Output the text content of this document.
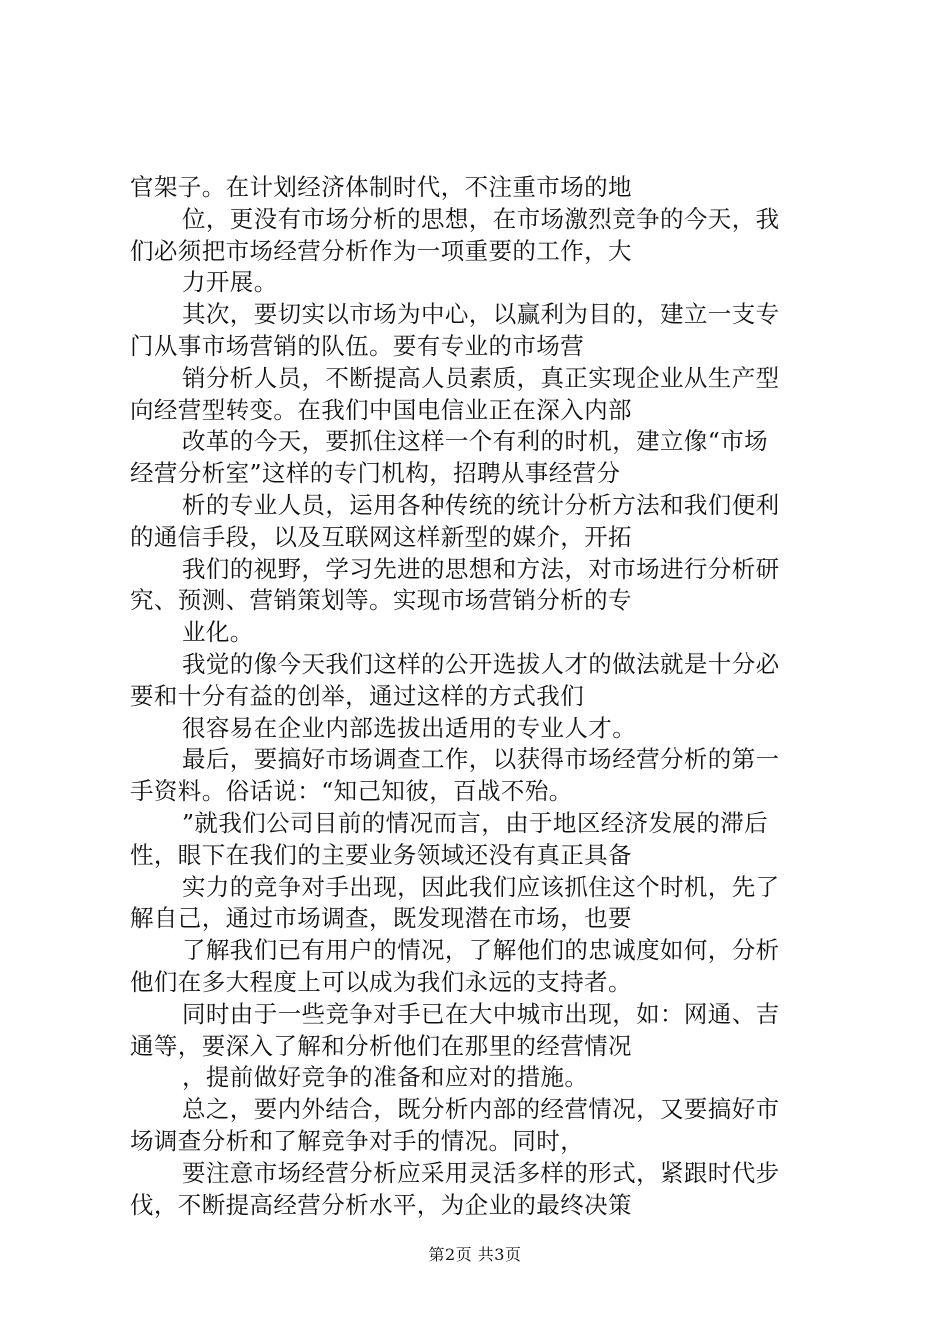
官架子。在计划经济体制时代，不注重市场的地
位，更没有市场分析的思想，在市场激烈竞争的今天，我
们必须把市场经营分析作为一项重要的工作，大
力开展。
其次，要切实以市场为中心，以赢利为目的，建立一支专
门从事市场营销的队伍。要有专业的市场营
销分析人员，不断提高人员素质，真正实现企业从生产型
向经营型转变。在我们中国电信业正在深入内部
改革的今天，要抓住这样一个有利的时机，建立像“市场
经营分析室”这样的专门机构，招聘从事经营分
析的专业人员，运用各种传统的统计分析方法和我们便利
的通信手段，以及互联网这样新型的媒介，开拓
我们的视野，学习先进的思想和方法，对市场进行分析研
究、预测、营销策划等。实现市场营销分析的专
业化。
我觉的像今天我们这样的公开选拔人才的做法就是十分必
要和十分有益的创举，通过这样的方式我们
很容易在企业内部选拔出适用的专业人才。
最后，要搞好市场调查工作，以获得市场经营分析的第一
手资料。俗话说：“知己知彼，百战不殆。
”就我们公司目前的情况而言，由于地区经济发展的滞后
性，眼下在我们的主要业务领域还没有真正具备
实力的竞争对手出现，因此我们应该抓住这个时机，先了
解自己，通过市场调查，既发现潜在市场，也要
了解我们已有用户的情况，了解他们的忠诚度如何，分析
他们在多大程度上可以成为我们永远的支持者。
同时由于一些竞争对手已在大中城市出现，如：网通、吉
通等，要深入了解和分析他们在那里的经营情况
，提前做好竞争的准备和应对的措施。
总之，要内外结合，既分析内部的经营情况，又要搞好市
场调查分析和了解竞争对手的情况。同时，
要注意市场经营分析应采用灵活多样的形式，紧跟时代步
伐，不断提高经营分析水平，为企业的最终决策
第2页 共3页
